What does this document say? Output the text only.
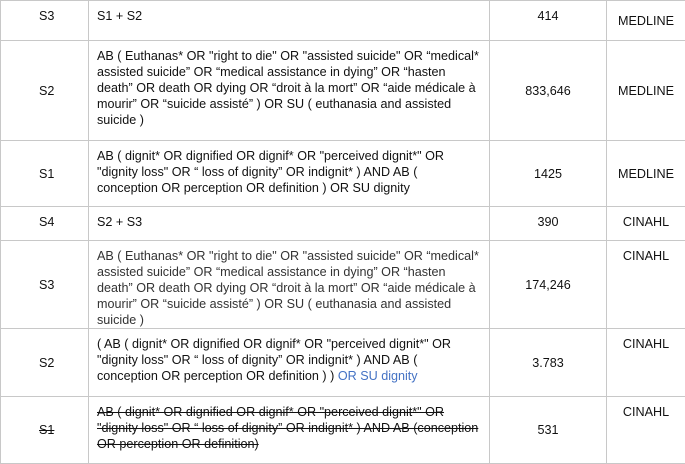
S3	S1 + S2	414	MEDLINE
S2	AB ( Euthanas* OR "right to die" OR "assisted suicide" OR “medical* assisted suicide” OR “medical assistance in dying” OR “hasten death” OR death OR dying OR “droit à la mort” OR “aide médicale à mourir” OR “suicide assisté” ) OR SU ( euthanasia and assisted suicide )	833,646	MEDLINE
S1	AB ( dignit* OR dignified OR dignif* OR "perceived dignit*" OR "dignity loss" OR “ loss of dignity” OR indignit* ) AND AB ( conception OR perception OR definition ) OR SU dignity	1425	MEDLINE
S4	S2 + S3	390	CINAHL
S3	AB ( Euthanas* OR "right to die" OR "assisted suicide" OR “medical* assisted suicide” OR “medical assistance in dying” OR “hasten death” OR death OR dying OR “droit à la mort” OR “aide médicale à mourir” OR “suicide assisté” ) OR SU ( euthanasia and assisted suicide )	174,246	CINAHL
S2	( AB ( dignit* OR dignified OR dignif* OR "perceived dignit*" OR "dignity loss" OR “ loss of dignity” OR indignit* ) AND AB ( conception OR perception OR definition ) ) OR SU dignity	3.783	CINAHL
S1	AB ( dignit* OR dignified OR dignif* OR "perceived dignit*" OR "dignity loss" OR “ loss of dignity” OR indignit* ) AND AB (conception OR perception OR definition)	531	CINAHL
